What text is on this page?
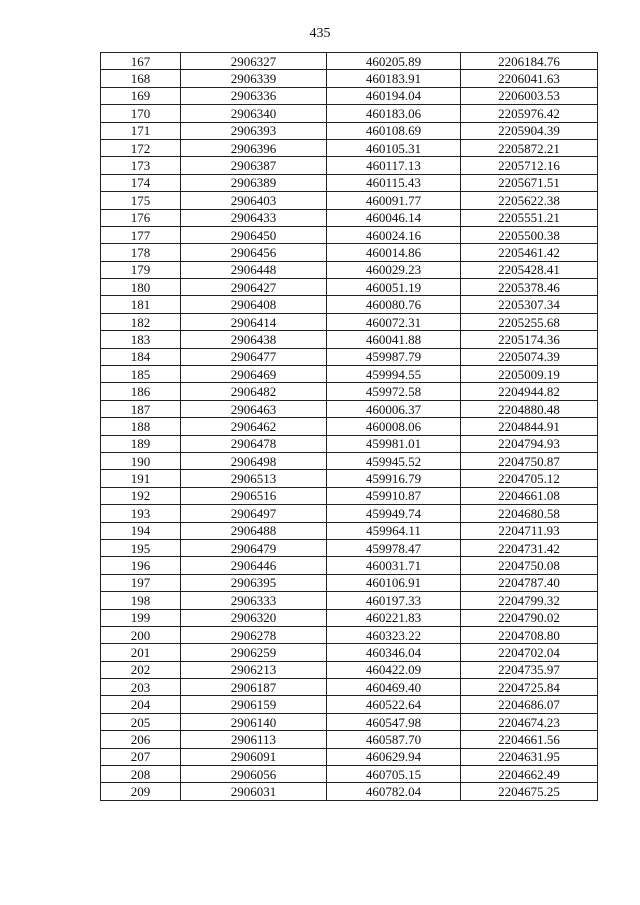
435
167	2906327	460205.89	2206184.76
168	2906339	460183.91	2206041.63
169	2906336	460194.04	2206003.53
170	2906340	460183.06	2205976.42
171	2906393	460108.69	2205904.39
172	2906396	460105.31	2205872.21
173	2906387	460117.13	2205712.16
174	2906389	460115.43	2205671.51
175	2906403	460091.77	2205622.38
176	2906433	460046.14	2205551.21
177	2906450	460024.16	2205500.38
178	2906456	460014.86	2205461.42
179	2906448	460029.23	2205428.41
180	2906427	460051.19	2205378.46
181	2906408	460080.76	2205307.34
182	2906414	460072.31	2205255.68
183	2906438	460041.88	2205174.36
184	2906477	459987.79	2205074.39
185	2906469	459994.55	2205009.19
186	2906482	459972.58	2204944.82
187	2906463	460006.37	2204880.48
188	2906462	460008.06	2204844.91
189	2906478	459981.01	2204794.93
190	2906498	459945.52	2204750.87
191	2906513	459916.79	2204705.12
192	2906516	459910.87	2204661.08
193	2906497	459949.74	2204680.58
194	2906488	459964.11	2204711.93
195	2906479	459978.47	2204731.42
196	2906446	460031.71	2204750.08
197	2906395	460106.91	2204787.40
198	2906333	460197.33	2204799.32
199	2906320	460221.83	2204790.02
200	2906278	460323.22	2204708.80
201	2906259	460346.04	2204702.04
202	2906213	460422.09	2204735.97
203	2906187	460469.40	2204725.84
204	2906159	460522.64	2204686.07
205	2906140	460547.98	2204674.23
206	2906113	460587.70	2204661.56
207	2906091	460629.94	2204631.95
208	2906056	460705.15	2204662.49
209	2906031	460782.04	2204675.25
